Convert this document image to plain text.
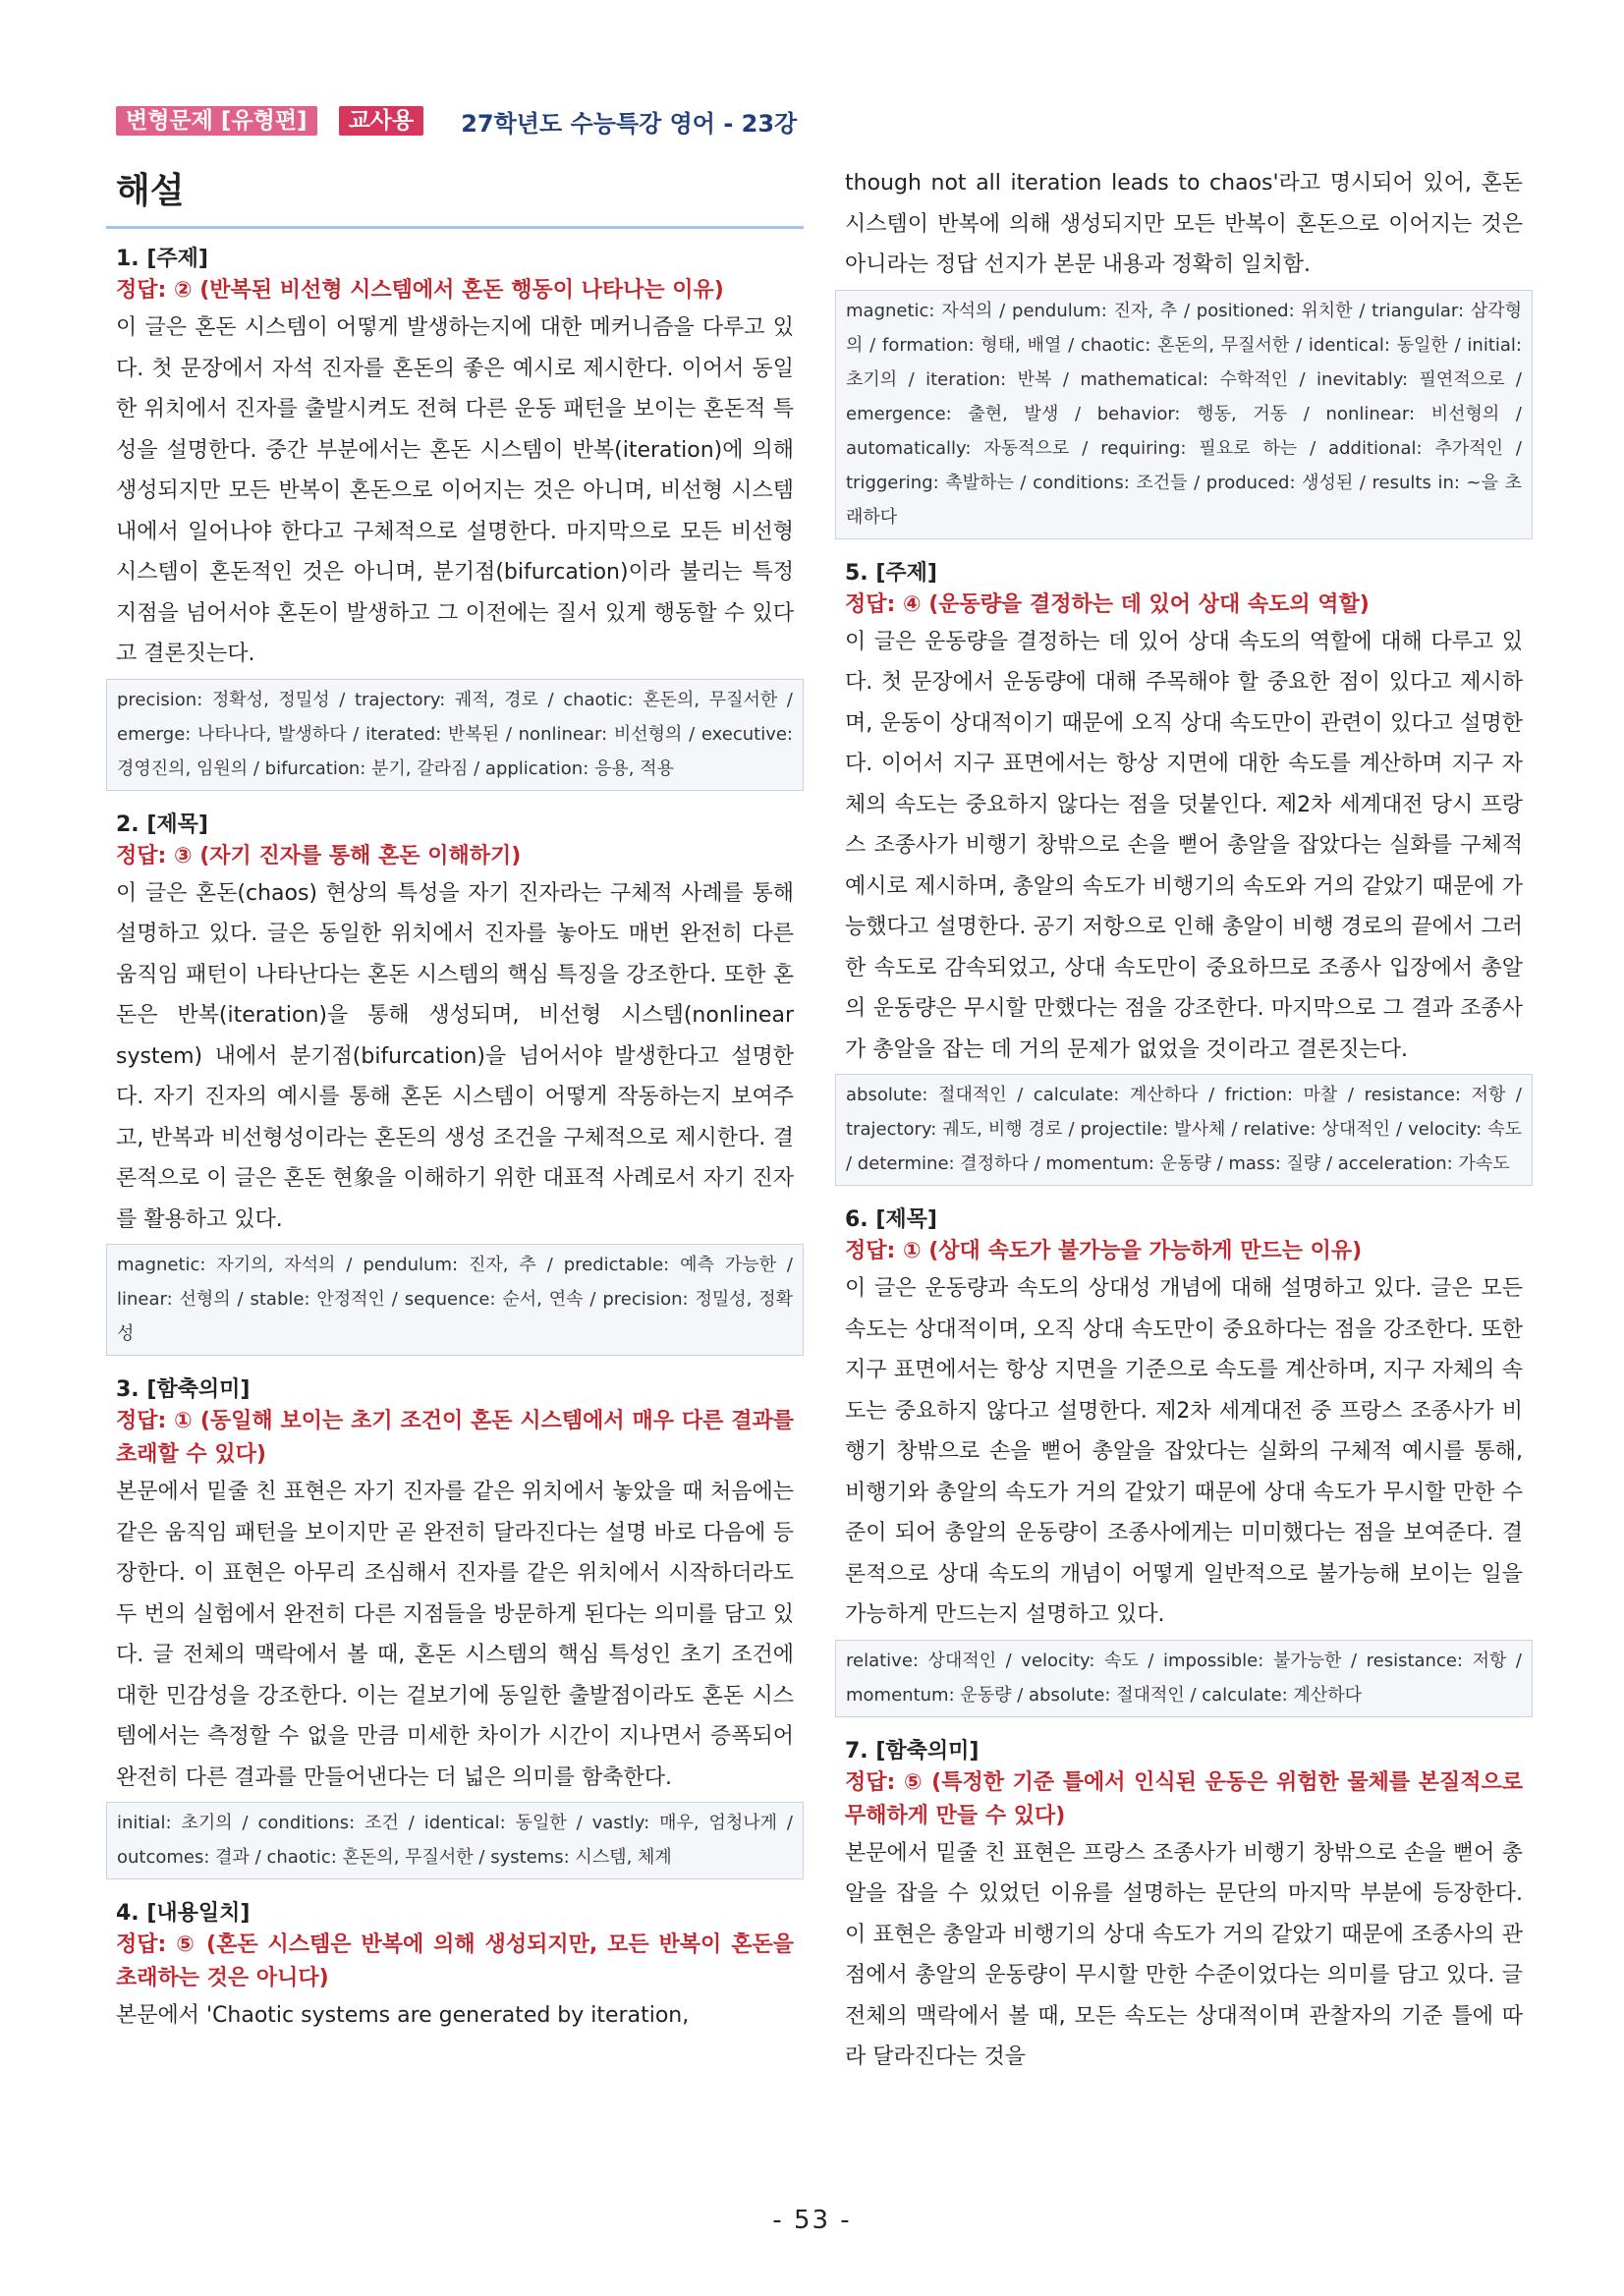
변형문제 [유형편]	교사용	27학년도 수능특강 영어 - 23강
해설
1. [주제]
정답: ② (반복된 비선형 시스템에서 혼돈 행동이 나타나는 이유)
이 글은 혼돈 시스템이 어떻게 발생하는지에 대한 메커니즘을 다루고 있다. 첫 문장에서 자석 진자를 혼돈의 좋은 예시로 제시한다. 이어서 동일한 위치에서 진자를 출발시켜도 전혀 다른 운동 패턴을 보이는 혼돈적 특성을 설명한다. 중간 부분에서는 혼돈 시스템이 반복(iteration)에 의해 생성되지만 모든 반복이 혼돈으로 이어지는 것은 아니며, 비선형 시스템 내에서 일어나야 한다고 구체적으로 설명한다. 마지막으로 모든 비선형 시스템이 혼돈적인 것은 아니며, 분기점(bifurcation)이라 불리는 특정 지점을 넘어서야 혼돈이 발생하고 그 이전에는 질서 있게 행동할 수 있다고 결론짓는다.
precision: 정확성, 정밀성 / trajectory: 궤적, 경로 / chaotic: 혼돈의, 무질서한 / emerge: 나타나다, 발생하다 / iterated: 반복된 / nonlinear: 비선형의 / executive: 경영진의, 임원의 / bifurcation: 분기, 갈라짐 / application: 응용, 적용
2. [제목]
정답: ③ (자기 진자를 통해 혼돈 이해하기)
이 글은 혼돈(chaos) 현상의 특성을 자기 진자라는 구체적 사례를 통해 설명하고 있다. 글은 동일한 위치에서 진자를 놓아도 매번 완전히 다른 움직임 패턴이 나타난다는 혼돈 시스템의 핵심 특징을 강조한다. 또한 혼돈은 반복(iteration)을 통해 생성되며, 비선형 시스템(nonlinear system) 내에서 분기점(bifurcation)을 넘어서야 발생한다고 설명한다. 자기 진자의 예시를 통해 혼돈 시스템이 어떻게 작동하는지 보여주고, 반복과 비선형성이라는 혼돈의 생성 조건을 구체적으로 제시한다. 결론적으로 이 글은 혼돈 현象을 이해하기 위한 대표적 사례로서 자기 진자를 활용하고 있다.
magnetic: 자기의, 자석의 / pendulum: 진자, 추 / predictable: 예측 가능한 / linear: 선형의 / stable: 안정적인 / sequence: 순서, 연속 / precision: 정밀성, 정확성
3. [함축의미]
정답: ① (동일해 보이는 초기 조건이 혼돈 시스템에서 매우 다른 결과를 초래할 수 있다)
본문에서 밑줄 친 표현은 자기 진자를 같은 위치에서 놓았을 때 처음에는 같은 움직임 패턴을 보이지만 곧 완전히 달라진다는 설명 바로 다음에 등장한다. 이 표현은 아무리 조심해서 진자를 같은 위치에서 시작하더라도 두 번의 실험에서 완전히 다른 지점들을 방문하게 된다는 의미를 담고 있다. 글 전체의 맥락에서 볼 때, 혼돈 시스템의 핵심 특성인 초기 조건에 대한 민감성을 강조한다. 이는 겉보기에 동일한 출발점이라도 혼돈 시스템에서는 측정할 수 없을 만큼 미세한 차이가 시간이 지나면서 증폭되어 완전히 다른 결과를 만들어낸다는 더 넓은 의미를 함축한다.
initial: 초기의 / conditions: 조건 / identical: 동일한 / vastly: 매우, 엄청나게 / outcomes: 결과 / chaotic: 혼돈의, 무질서한 / systems: 시스템, 체계
4. [내용일치]
정답: ⑤ (혼돈 시스템은 반복에 의해 생성되지만, 모든 반복이 혼돈을 초래하는 것은 아니다)
본문에서 'Chaotic systems are generated by iteration,
though not all iteration leads to chaos'라고 명시되어 있어, 혼돈 시스템이 반복에 의해 생성되지만 모든 반복이 혼돈으로 이어지는 것은 아니라는 정답 선지가 본문 내용과 정확히 일치함.
magnetic: 자석의 / pendulum: 진자, 추 / positioned: 위치한 / triangular: 삼각형의 / formation: 형태, 배열 / chaotic: 혼돈의, 무질서한 / identical: 동일한 / initial: 초기의 / iteration: 반복 / mathematical: 수학적인 / inevitably: 필연적으로 / emergence: 출현, 발생 / behavior: 행동, 거동 / nonlinear: 비선형의 / automatically: 자동적으로 / requiring: 필요로 하는 / additional: 추가적인 / triggering: 촉발하는 / conditions: 조건들 / produced: 생성된 / results in: ~을 초래하다
5. [주제]
정답: ④ (운동량을 결정하는 데 있어 상대 속도의 역할)
이 글은 운동량을 결정하는 데 있어 상대 속도의 역할에 대해 다루고 있다. 첫 문장에서 운동량에 대해 주목해야 할 중요한 점이 있다고 제시하며, 운동이 상대적이기 때문에 오직 상대 속도만이 관련이 있다고 설명한다. 이어서 지구 표면에서는 항상 지면에 대한 속도를 계산하며 지구 자체의 속도는 중요하지 않다는 점을 덧붙인다. 제2차 세계대전 당시 프랑스 조종사가 비행기 창밖으로 손을 뻗어 총알을 잡았다는 실화를 구체적 예시로 제시하며, 총알의 속도가 비행기의 속도와 거의 같았기 때문에 가능했다고 설명한다. 공기 저항으로 인해 총알이 비행 경로의 끝에서 그러한 속도로 감속되었고, 상대 속도만이 중요하므로 조종사 입장에서 총알의 운동량은 무시할 만했다는 점을 강조한다. 마지막으로 그 결과 조종사가 총알을 잡는 데 거의 문제가 없었을 것이라고 결론짓는다.
absolute: 절대적인 / calculate: 계산하다 / friction: 마찰 / resistance: 저항 / trajectory: 궤도, 비행 경로 / projectile: 발사체 / relative: 상대적인 / velocity: 속도 / determine: 결정하다 / momentum: 운동량 / mass: 질량 / acceleration: 가속도
6. [제목]
정답: ① (상대 속도가 불가능을 가능하게 만드는 이유)
이 글은 운동량과 속도의 상대성 개념에 대해 설명하고 있다. 글은 모든 속도는 상대적이며, 오직 상대 속도만이 중요하다는 점을 강조한다. 또한 지구 표면에서는 항상 지면을 기준으로 속도를 계산하며, 지구 자체의 속도는 중요하지 않다고 설명한다. 제2차 세계대전 중 프랑스 조종사가 비행기 창밖으로 손을 뻗어 총알을 잡았다는 실화의 구체적 예시를 통해, 비행기와 총알의 속도가 거의 같았기 때문에 상대 속도가 무시할 만한 수준이 되어 총알의 운동량이 조종사에게는 미미했다는 점을 보여준다. 결론적으로 상대 속도의 개념이 어떻게 일반적으로 불가능해 보이는 일을 가능하게 만드는지 설명하고 있다.
relative: 상대적인 / velocity: 속도 / impossible: 불가능한 / resistance: 저항 / momentum: 운동량 / absolute: 절대적인 / calculate: 계산하다
7. [함축의미]
정답: ⑤ (특정한 기준 틀에서 인식된 운동은 위험한 물체를 본질적으로 무해하게 만들 수 있다)
본문에서 밑줄 친 표현은 프랑스 조종사가 비행기 창밖으로 손을 뻗어 총알을 잡을 수 있었던 이유를 설명하는 문단의 마지막 부분에 등장한다. 이 표현은 총알과 비행기의 상대 속도가 거의 같았기 때문에 조종사의 관점에서 총알의 운동량이 무시할 만한 수준이었다는 의미를 담고 있다. 글 전체의 맥락에서 볼 때, 모든 속도는 상대적이며 관찰자의 기준 틀에 따라 달라진다는 것을
- 53 -
